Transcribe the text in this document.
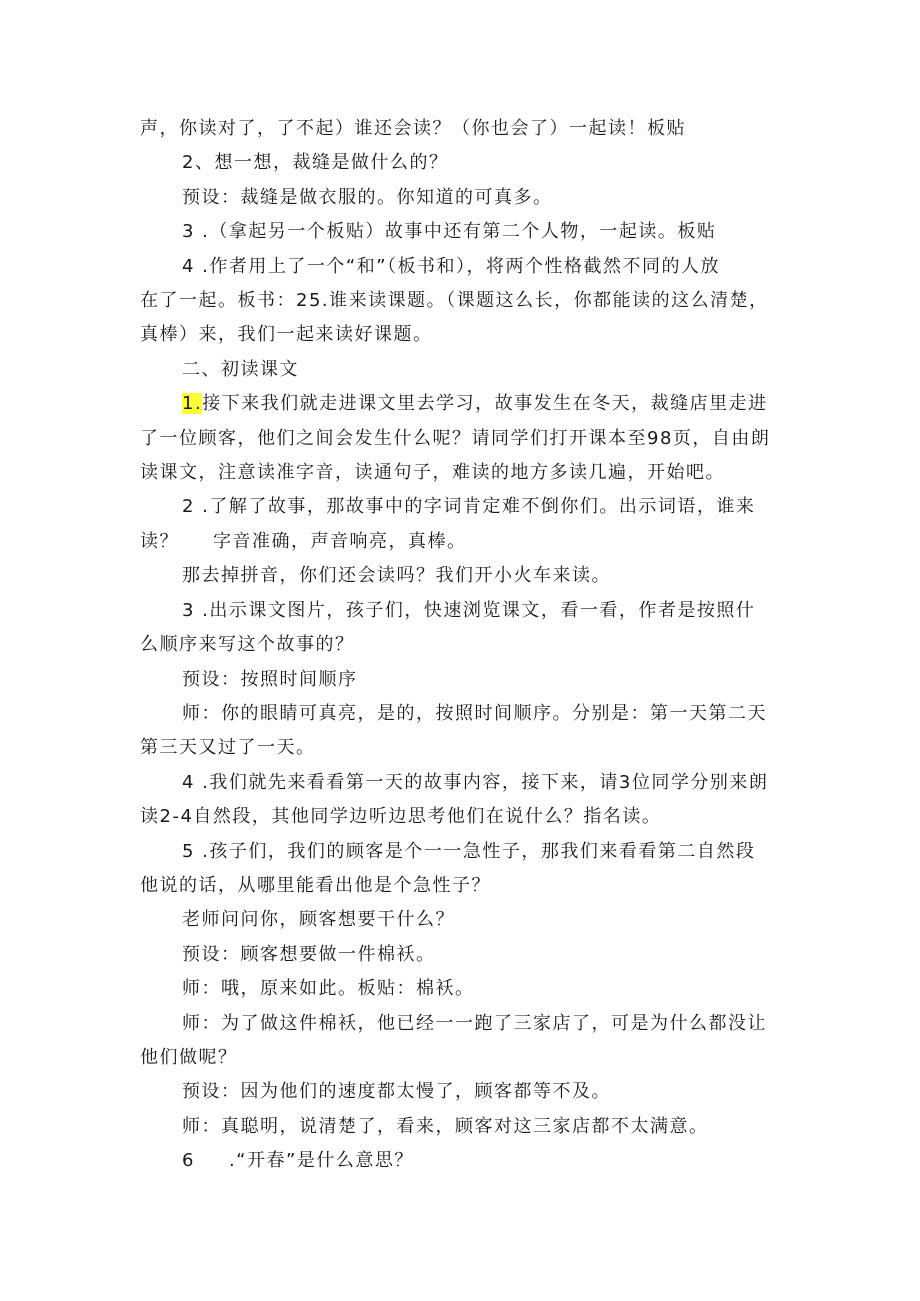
声，你读对了，了不起）谁还会读？（你也会了）一起读！板贴

2、想一想，裁缝是做什么的？

预设：裁缝是做衣服的。你知道的可真多。

3 .（拿起另一个板贴）故事中还有第二个人物，一起读。板贴

4 .作者用上了一个“和”（板书和），将两个性格截然不同的人放

在了一起。板书：25.谁来读课题。（课题这么长，你都能读的这么清楚，

真棒）来，我们一起来读好课题。

二、初读课文

1.接下来我们就走进课文里去学习，故事发生在冬天，裁缝店里走进

了一位顾客，他们之间会发生什么呢？请同学们打开课本至98页，自由朗

读课文，注意读准字音，读通句子，难读的地方多读几遍，开始吧。

2 .了解了故事，那故事中的字词肯定难不倒你们。出示词语，谁来

读？ 字音准确，声音响亮，真棒。

那去掉拼音，你们还会读吗？我们开小火车来读。

3 .出示课文图片，孩子们，快速浏览课文，看一看，作者是按照什

么顺序来写这个故事的？

预设：按照时间顺序

师：你的眼睛可真亮，是的，按照时间顺序。分别是：第一天第二天

第三天又过了一天。

4 .我们就先来看看第一天的故事内容，接下来，请3位同学分别来朗

读2-4自然段，其他同学边听边思考他们在说什么？指名读。

5 .孩子们，我们的顾客是个一一急性子，那我们来看看第二自然段

他说的话，从哪里能看出他是个急性子？

老师问问你，顾客想要干什么？

预设：顾客想要做一件棉袄。

师：哦，原来如此。板贴：棉袄。

师：为了做这件棉袄，他已经一一跑了三家店了，可是为什么都没让

他们做呢？

预设：因为他们的速度都太慢了，顾客都等不及。

师：真聪明，说清楚了，看来，顾客对这三家店都不太满意。

6 .“开春”是什么意思？
